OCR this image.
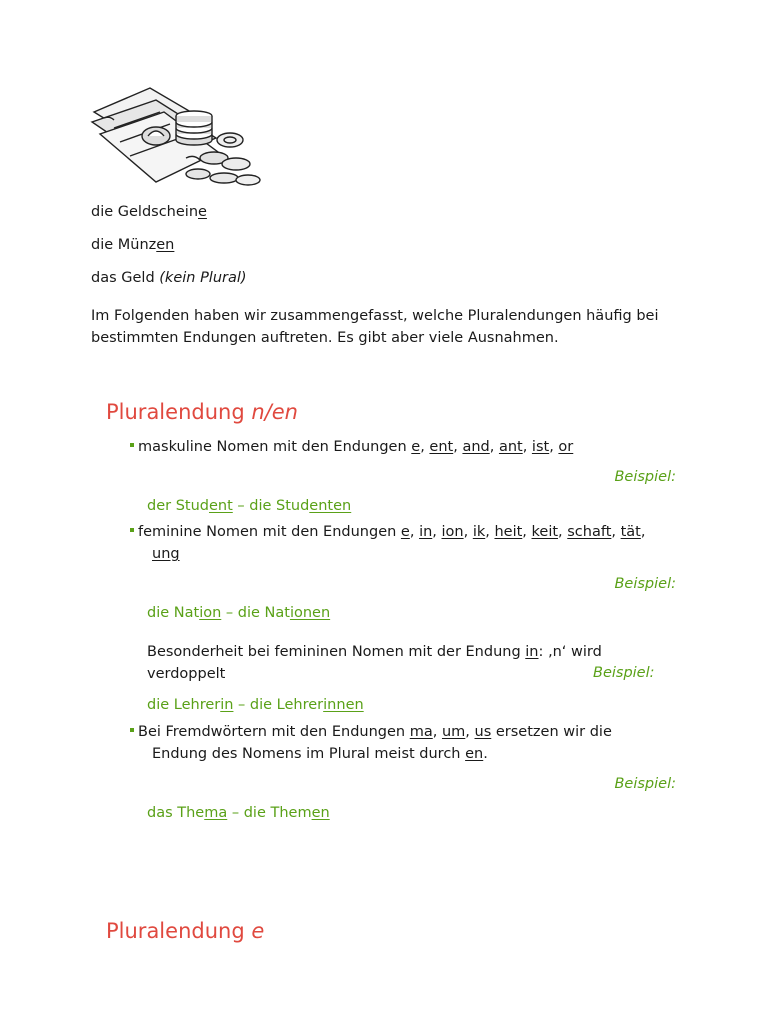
die Geldscheine
die Münzen
das Geld (kein Plural)
Im Folgenden haben wir zusammengefasst, welche Pluralendungen häufig bei bestimmten Endungen auftreten. Es gibt aber viele Ausnahmen.
Pluralendung n/en
maskuline Nomen mit den Endungen e, ent, and, ant, ist, or
Beispiel:
der Student – die Studenten
feminine Nomen mit den Endungen e, in, ion, ik, heit, keit, schaft, tät,
ung
Beispiel:
die Nation – die Nationen
Besonderheit bei femininen Nomen mit der Endung in: ‚n‘ wird
verdoppelt	Beispiel:
die Lehrerin – die Lehrerinnen
Bei Fremdwörtern mit den Endungen ma, um, us ersetzen wir die
Endung des Nomens im Plural meist durch en.
Beispiel:
das Thema – die Themen
Pluralendung e
